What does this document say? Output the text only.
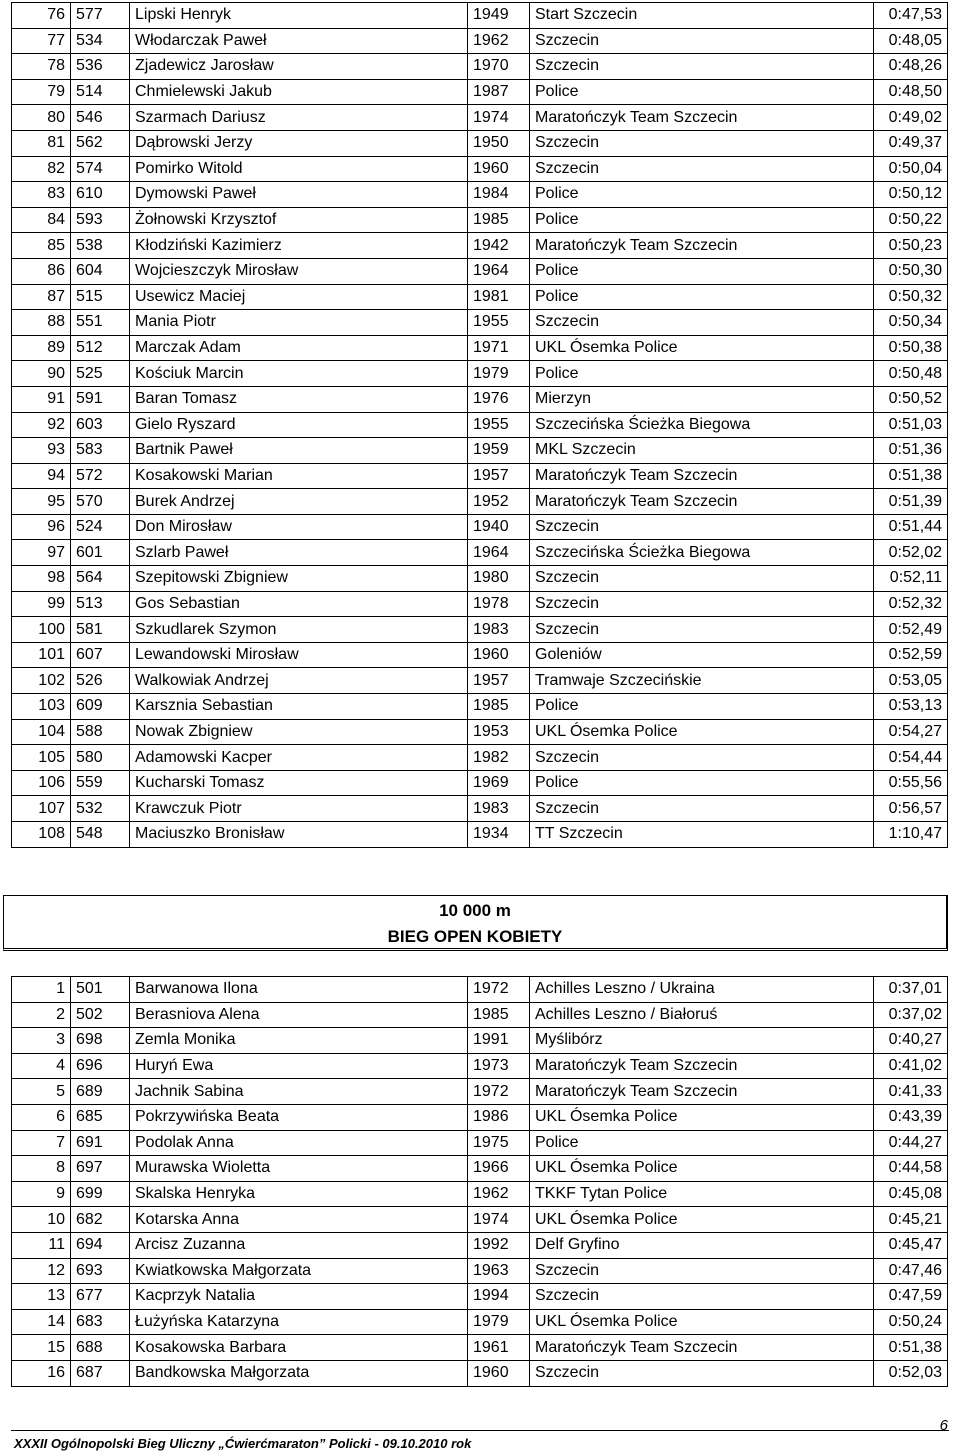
76	577	Lipski Henryk	1949	Start Szczecin	0:47,53
77	534	Włodarczak Paweł	1962	Szczecin	0:48,05
78	536	Zjadewicz Jarosław	1970	Szczecin	0:48,26
79	514	Chmielewski Jakub	1987	Police	0:48,50
80	546	Szarmach Dariusz	1974	Maratończyk Team Szczecin	0:49,02
81	562	Dąbrowski Jerzy	1950	Szczecin	0:49,37
82	574	Pomirko Witold	1960	Szczecin	0:50,04
83	610	Dymowski Paweł	1984	Police	0:50,12
84	593	Żołnowski Krzysztof	1985	Police	0:50,22
85	538	Kłodziński Kazimierz	1942	Maratończyk Team Szczecin	0:50,23
86	604	Wojcieszczyk Mirosław	1964	Police	0:50,30
87	515	Usewicz Maciej	1981	Police	0:50,32
88	551	Mania Piotr	1955	Szczecin	0:50,34
89	512	Marczak Adam	1971	UKL Ósemka Police	0:50,38
90	525	Kościuk Marcin	1979	Police	0:50,48
91	591	Baran Tomasz	1976	Mierzyn	0:50,52
92	603	Gielo Ryszard	1955	Szczecińska Ścieżka Biegowa	0:51,03
93	583	Bartnik Paweł	1959	MKL Szczecin	0:51,36
94	572	Kosakowski Marian	1957	Maratończyk Team Szczecin	0:51,38
95	570	Burek Andrzej	1952	Maratończyk Team Szczecin	0:51,39
96	524	Don Mirosław	1940	Szczecin	0:51,44
97	601	Szlarb Paweł	1964	Szczecińska Ścieżka Biegowa	0:52,02
98	564	Szepitowski Zbigniew	1980	Szczecin	0:52,11
99	513	Gos Sebastian	1978	Szczecin	0:52,32
100	581	Szkudlarek Szymon	1983	Szczecin	0:52,49
101	607	Lewandowski Mirosław	1960	Goleniów	0:52,59
102	526	Walkowiak Andrzej	1957	Tramwaje Szczecińskie	0:53,05
103	609	Karsznia Sebastian	1985	Police	0:53,13
104	588	Nowak Zbigniew	1953	UKL Ósemka Police	0:54,27
105	580	Adamowski Kacper	1982	Szczecin	0:54,44
106	559	Kucharski Tomasz	1969	Police	0:55,56
107	532	Krawczuk Piotr	1983	Szczecin	0:56,57
108	548	Maciuszko Bronisław	1934	TT Szczecin	1:10,47
10 000 m
BIEG OPEN KOBIETY
1	501	Barwanowa Ilona	1972	Achilles Leszno / Ukraina	0:37,01
2	502	Berasniova Alena	1985	Achilles Leszno / Białoruś	0:37,02
3	698	Zemla Monika	1991	Myślibórz	0:40,27
4	696	Huryń Ewa	1973	Maratończyk Team Szczecin	0:41,02
5	689	Jachnik Sabina	1972	Maratończyk Team Szczecin	0:41,33
6	685	Pokrzywińska Beata	1986	UKL Ósemka Police	0:43,39
7	691	Podolak Anna	1975	Police	0:44,27
8	697	Murawska Wioletta	1966	UKL Ósemka Police	0:44,58
9	699	Skalska Henryka	1962	TKKF Tytan Police	0:45,08
10	682	Kotarska Anna	1974	UKL Ósemka Police	0:45,21
11	694	Arcisz Zuzanna	1992	Delf Gryfino	0:45,47
12	693	Kwiatkowska Małgorzata	1963	Szczecin	0:47,46
13	677	Kacprzyk Natalia	1994	Szczecin	0:47,59
14	683	Łużyńska Katarzyna	1979	UKL Ósemka Police	0:50,24
15	688	Kosakowska Barbara	1961	Maratończyk Team Szczecin	0:51,38
16	687	Bandkowska Małgorzata	1960	Szczecin	0:52,03
6
XXXII Ogólnopolski Bieg Uliczny „Ćwierćmaraton” Policki - 09.10.2010 rok
